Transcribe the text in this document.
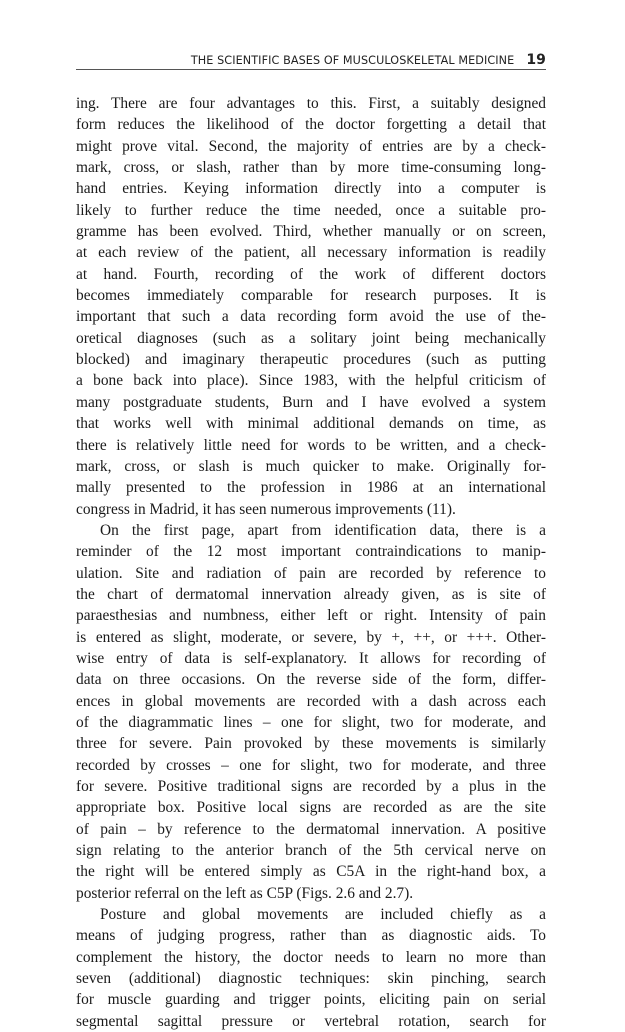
THE SCIENTIFIC BASES OF MUSCULOSKELETAL MEDICINE 19

ing. There are four advantages to this. First, a suitably designed

form reduces the likelihood of the doctor forgetting a detail that

might prove vital. Second, the majority of entries are by a check-

mark, cross, or slash, rather than by more time-consuming long-

hand entries. Keying information directly into a computer is

likely to further reduce the time needed, once a suitable pro-

gramme has been evolved. Third, whether manually or on screen,

at each review of the patient, all necessary information is readily

at hand. Fourth, recording of the work of different doctors

becomes immediately comparable for research purposes. It is

important that such a data recording form avoid the use of the-

oretical diagnoses (such as a solitary joint being mechanically

blocked) and imaginary therapeutic procedures (such as putting

a bone back into place). Since 1983, with the helpful criticism of

many postgraduate students, Burn and I have evolved a system

that works well with minimal additional demands on time, as

there is relatively little need for words to be written, and a check-

mark, cross, or slash is much quicker to make. Originally for-

mally presented to the profession in 1986 at an international

congress in Madrid, it has seen numerous improvements (11).

On the first page, apart from identification data, there is a

reminder of the 12 most important contraindications to manip-

ulation. Site and radiation of pain are recorded by reference to

the chart of dermatomal innervation already given, as is site of

paraesthesias and numbness, either left or right. Intensity of pain

is entered as slight, moderate, or severe, by +, ++, or +++. Other-

wise entry of data is self-explanatory. It allows for recording of

data on three occasions. On the reverse side of the form, differ-

ences in global movements are recorded with a dash across each

of the diagrammatic lines – one for slight, two for moderate, and

three for severe. Pain provoked by these movements is similarly

recorded by crosses – one for slight, two for moderate, and three

for severe. Positive traditional signs are recorded by a plus in the

appropriate box. Positive local signs are recorded as are the site

of pain – by reference to the dermatomal innervation. A positive

sign relating to the anterior branch of the 5th cervical nerve on

the right will be entered simply as C5A in the right-hand box, a

posterior referral on the left as C5P (Figs. 2.6 and 2.7).

Posture and global movements are included chiefly as a

means of judging progress, rather than as diagnostic aids. To

complement the history, the doctor needs to learn no more than

seven (additional) diagnostic techniques: skin pinching, search

for muscle guarding and trigger points, eliciting pain on serial

segmental sagittal pressure or vertebral rotation, search for
